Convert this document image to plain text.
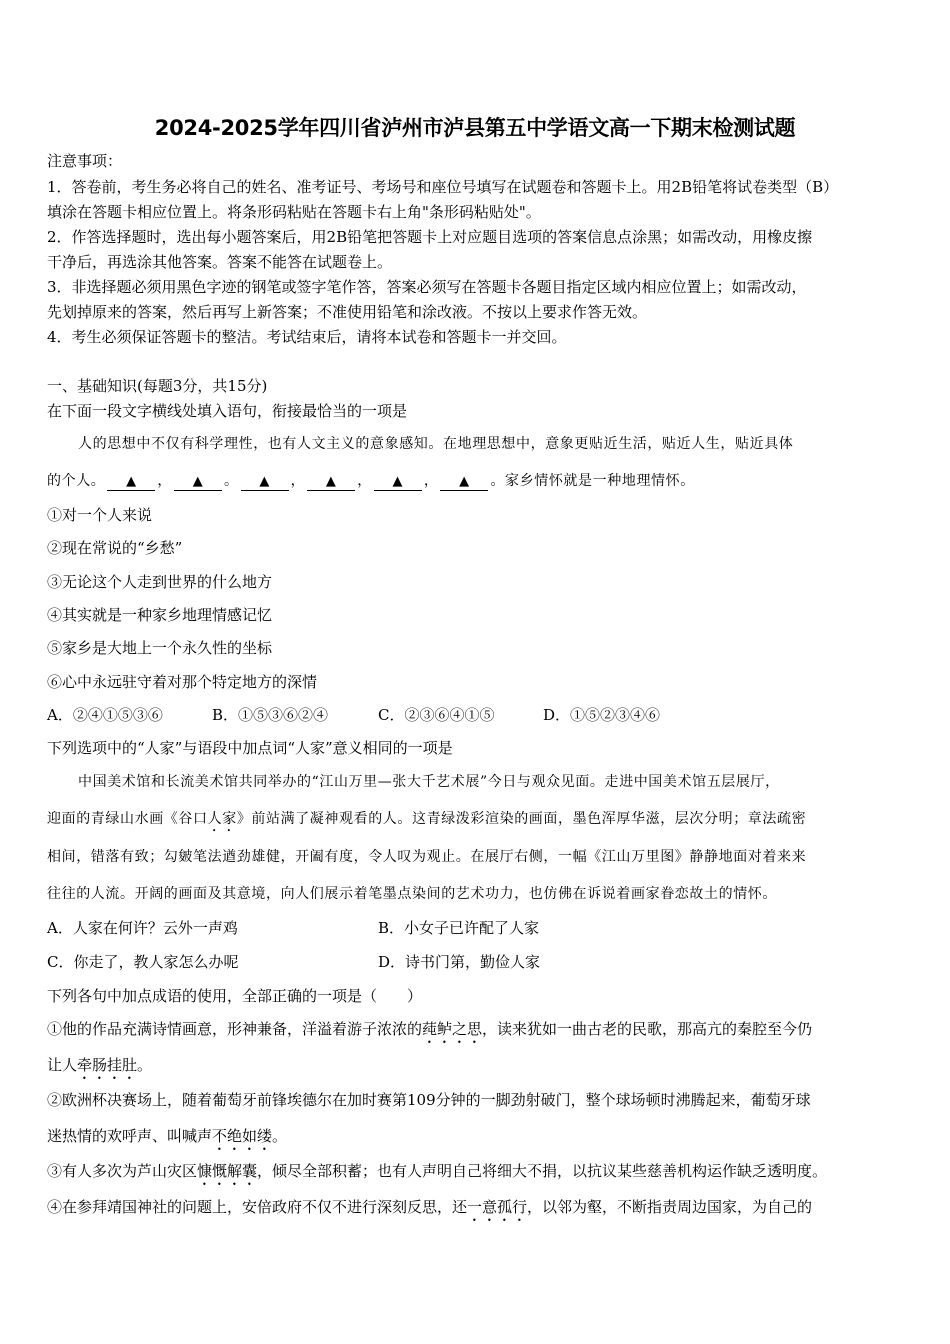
2024-2025学年四川省泸州市泸县第五中学语文高一下期末检测试题
注意事项：
1．答卷前，考生务必将自己的姓名、准考证号、考场号和座位号填写在试题卷和答题卡上。用2B铅笔将试卷类型（B）
填涂在答题卡相应位置上。将条形码粘贴在答题卡右上角"条形码粘贴处"。
2．作答选择题时，选出每小题答案后，用2B铅笔把答题卡上对应题目选项的答案信息点涂黑；如需改动，用橡皮擦
干净后，再选涂其他答案。答案不能答在试题卷上。
3．非选择题必须用黑色字迹的钢笔或签字笔作答，答案必须写在答题卡各题目指定区域内相应位置上；如需改动，
先划掉原来的答案，然后再写上新答案；不准使用铅笔和涂改液。不按以上要求作答无效。
4．考生必须保证答题卡的整洁。考试结束后，请将本试卷和答题卡一并交回。
一、基础知识(每题3分，共15分)
在下面一段文字横线处填入语句，衔接最恰当的一项是
人的思想中不仅有科学理性，也有人文主义的意象感知。在地理思想中，意象更贴近生活，贴近人生，贴近具体
的个人。 ▲ ， ▲ 。 ▲ ， ▲ ， ▲ ， ▲ 。家乡情怀就是一种地理情怀。
①对一个人来说
②现在常说的“乡愁”
③无论这个人走到世界的什么地方
④其实就是一种家乡地理情感记忆
⑤家乡是大地上一个永久性的坐标
⑥心中永远驻守着对那个特定地方的深情
A．②④①⑤③⑥	B．①⑤③⑥②④	C．②③⑥④①⑤	D．①⑤②③④⑥
下列选项中的“人家”与语段中加点词“人家”意义相同的一项是
中国美术馆和长流美术馆共同举办的“江山万里—张大千艺术展”今日与观众见面。走进中国美术馆五层展厅，
迎面的青绿山水画《谷口人家》前站满了凝神观看的人。这青绿泼彩渲染的画面，墨色浑厚华滋，层次分明；章法疏密
相间，错落有致；勾皴笔法遒劲雄健，开阖有度，令人叹为观止。在展厅右侧，一幅《江山万里图》静静地面对着来来
往往的人流。开阔的画面及其意境，向人们展示着笔墨点染间的艺术功力，也仿佛在诉说着画家眷恋故土的情怀。
A．人家在何许？云外一声鸡	B．小女子已许配了人家
C．你走了，教人家怎么办呢	D．诗书门第，勤俭人家
下列各句中加点成语的使用，全部正确的一项是（　　）
①他的作品充满诗情画意，形神兼备，洋溢着游子浓浓的莼鲈之思，读来犹如一曲古老的民歌，那高亢的秦腔至今仍
让人牵肠挂肚。
②欧洲杯决赛场上，随着葡萄牙前锋埃德尔在加时赛第109分钟的一脚劲射破门，整个球场顿时沸腾起来，葡萄牙球
迷热情的欢呼声、叫喊声不绝如缕。
③有人多次为芦山灾区慷慨解囊，倾尽全部积蓄；也有人声明自己将细大不捐，以抗议某些慈善机构运作缺乏透明度。
④在参拜靖国神社的问题上，安倍政府不仅不进行深刻反思，还一意孤行，以邻为壑，不断指责周边国家，为自己的
